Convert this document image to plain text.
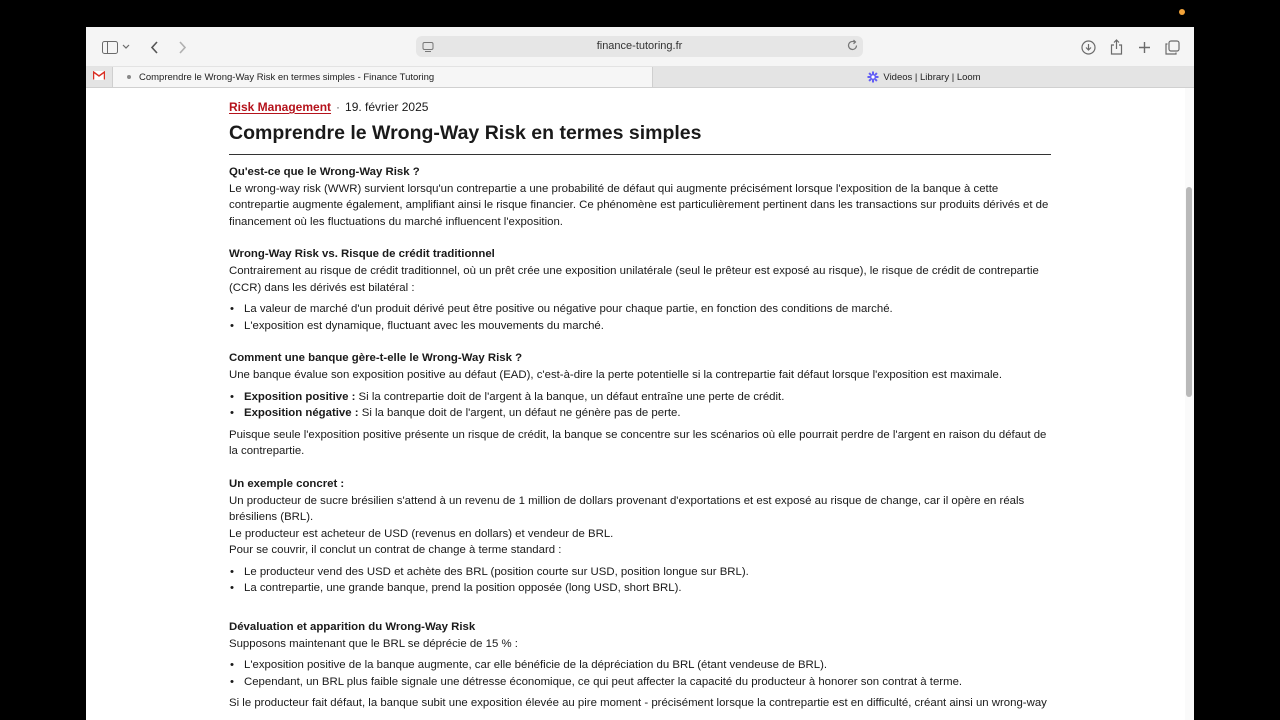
finance-tutoring.fr
Comprendre le Wrong-Way Risk en termes simples - Finance Tutoring	Videos | Library | Loom
Risk Management · 19. février 2025
Comprendre le Wrong-Way Risk en termes simples
Qu'est-ce que le Wrong-Way Risk ?

Le wrong-way risk (WWR) survient lorsqu'un contrepartie a une probabilité de défaut qui augmente précisément lorsque l'exposition de la banque à cette contrepartie augmente également, amplifiant ainsi le risque financier. Ce phénomène est particulièrement pertinent dans les transactions sur produits dérivés et de financement où les fluctuations du marché influencent l'exposition.

Wrong-Way Risk vs. Risque de crédit traditionnel

Contrairement au risque de crédit traditionnel, où un prêt crée une exposition unilatérale (seul le prêteur est exposé au risque), le risque de crédit de contrepartie (CCR) dans les dérivés est bilatéral :

• La valeur de marché d'un produit dérivé peut être positive ou négative pour chaque partie, en fonction des conditions de marché.
• L'exposition est dynamique, fluctuant avec les mouvements du marché.
Comment une banque gère-t-elle le Wrong-Way Risk ?

Une banque évalue son exposition positive au défaut (EAD), c'est-à-dire la perte potentielle si la contrepartie fait défaut lorsque l'exposition est maximale.

• Exposition positive : Si la contrepartie doit de l'argent à la banque, un défaut entraîne une perte de crédit.
• Exposition négative : Si la banque doit de l'argent, un défaut ne génère pas de perte.

Puisque seule l'exposition positive présente un risque de crédit, la banque se concentre sur les scénarios où elle pourrait perdre de l'argent en raison du défaut de la contrepartie.

Un exemple concret :

Un producteur de sucre brésilien s'attend à un revenu de 1 million de dollars provenant d'exportations et est exposé au risque de change, car il opère en réals brésiliens (BRL).

Le producteur est acheteur de USD (revenus en dollars) et vendeur de BRL.

Pour se couvrir, il conclut un contrat de change à terme standard :

• Le producteur vend des USD et achète des BRL (position courte sur USD, position longue sur BRL).
• La contrepartie, une grande banque, prend la position opposée (long USD, short BRL).
Dévaluation et apparition du Wrong-Way Risk

Supposons maintenant que le BRL se déprécie de 15 % :

• L'exposition positive de la banque augmente, car elle bénéficie de la dépréciation du BRL (étant vendeuse de BRL).
• Cependant, un BRL plus faible signale une détresse économique, ce qui peut affecter la capacité du producteur à honorer son contrat à terme.

Si le producteur fait défaut, la banque subit une exposition élevée au pire moment - précisément lorsque la contrepartie est en difficulté, créant ainsi un wrong-way
